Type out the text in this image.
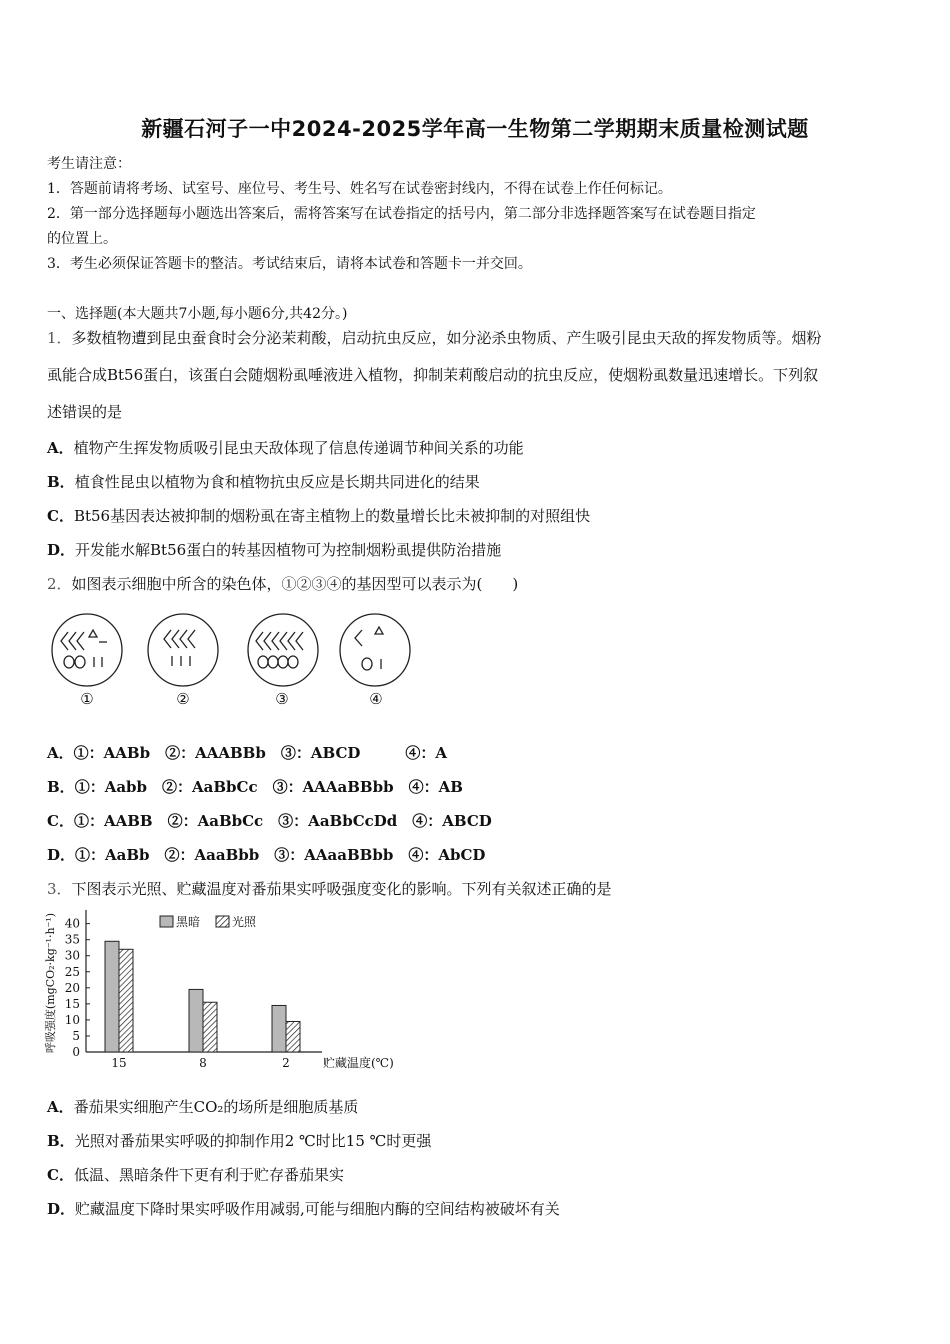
新疆石河子一中2024-2025学年高一生物第二学期期末质量检测试题
考生请注意：
1．答题前请将考场、试室号、座位号、考生号、姓名写在试卷密封线内，不得在试卷上作任何标记。
2．第一部分选择题每小题选出答案后，需将答案写在试卷指定的括号内，第二部分非选择题答案写在试卷题目指定
的位置上。
3．考生必须保证答题卡的整洁。考试结束后，请将本试卷和答题卡一并交回。
一、选择题(本大题共7小题,每小题6分,共42分。)
1．多数植物遭到昆虫蚕食时会分泌茉莉酸，启动抗虫反应，如分泌杀虫物质、产生吸引昆虫天敌的挥发物质等。烟粉
虱能合成Bt56蛋白，该蛋白会随烟粉虱唾液进入植物，抑制茉莉酸启动的抗虫反应，使烟粉虱数量迅速增长。下列叙
述错误的是
A．植物产生挥发物质吸引昆虫天敌体现了信息传递调节种间关系的功能
B．植食性昆虫以植物为食和植物抗虫反应是长期共同进化的结果
C．Bt56基因表达被抑制的烟粉虱在寄主植物上的数量增长比未被抑制的对照组快
D．开发能水解Bt56蛋白的转基因植物可为控制烟粉虱提供防治措施
2．如图表示细胞中所含的染色体，①②③④的基因型可以表示为(　　)
①	②	③	④
A．①：AABb　②：AAABBb　③：ABCD　　　④：A
B．①：Aabb　②：AaBbCc　③：AAAaBBbb　④：AB
C．①：AABB　②：AaBbCc　③：AaBbCcDd　④：ABCD
D．①：AaBb　②：AaaBbb　③：AAaaBBbb　④：AbCD
3．下图表示光照、贮藏温度对番茄果实呼吸强度变化的影响。下列有关叙述正确的是
0
5
10
15
20
25
30
35
40
呼吸强度(mgCO₂·kg⁻¹·h⁻¹)
15	8	2	贮藏温度(℃)
黑暗	光照
A．番茄果实细胞产生CO₂的场所是细胞质基质
B．光照对番茄果实呼吸的抑制作用2 ℃时比15 ℃时更强
C．低温、黑暗条件下更有利于贮存番茄果实
D．贮藏温度下降时果实呼吸作用减弱,可能与细胞内酶的空间结构被破坏有关
